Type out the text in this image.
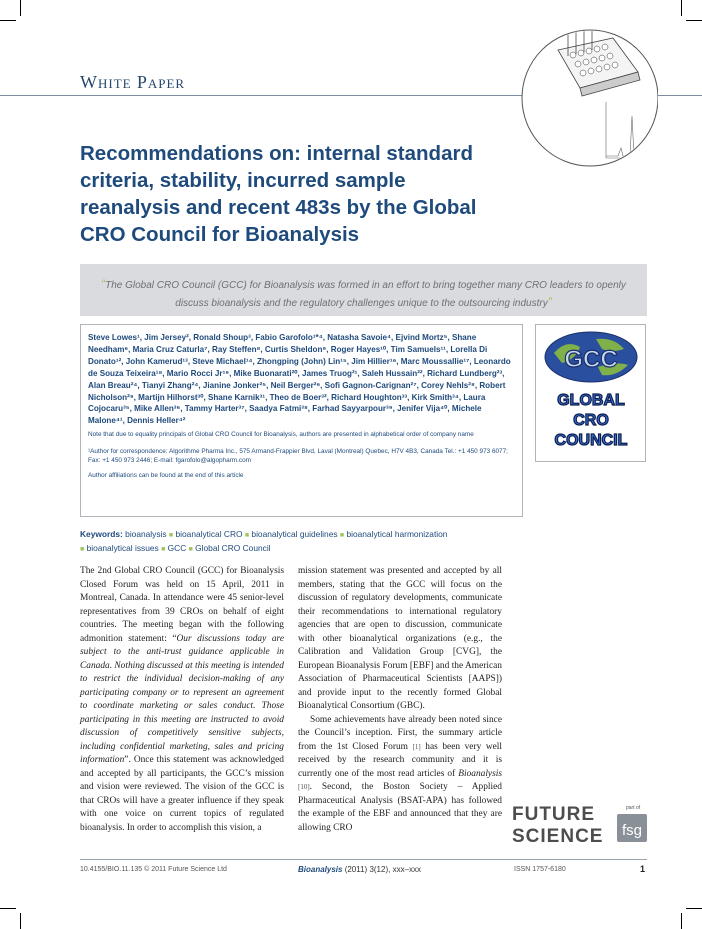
WHITE PAPER
Recommendations on: internal standard criteria, stability, incurred sample reanalysis and recent 483s by the Global CRO Council for Bioanalysis
“The Global CRO Council (GCC) for Bioanalysis was formed in an effort to bring together many CRO leaders to openly discuss bioanalysis and the regulatory challenges unique to the outsourcing industry”
Steve Lowes¹, Jim Jersey², Ronald Shoup³, Fabio Garofolo¹*⁴, Natasha Savoie⁴, Ejvind Mortz⁵, Shane Needham⁶, Maria Cruz Caturla⁷, Ray Steffen⁸, Curtis Sheldon⁹, Roger Hayes¹⁰, Tim Samuels¹¹, Lorella Di Donato¹², John Kamerud¹³, Steve Michael¹⁴, Zhongping (John) Lin¹⁵, Jim Hillier¹⁶, Marc Moussallie¹⁷, Leonardo de Souza Teixeira¹⁸, Mario Rocci Jr¹⁹, Mike Buonarati²⁰, James Truog²¹, Saleh Hussain²², Richard Lundberg²³, Alan Breau²⁴, Tianyi Zhang²⁴, Jianine Jonker²⁵, Neil Berger²⁶, Sofi Gagnon-Carignan²⁷, Corey Nehls²⁸, Robert Nicholson²⁹, Martijn Hilhorst³⁰, Shane Karnik³¹, Theo de Boer³², Richard Houghton³³, Kirk Smith³⁴, Laura Cojocaru³⁵, Mike Allen³⁶, Tammy Harter³⁷, Saadya Fatmi³⁸, Farhad Sayyarpour³⁹, Jenifer Vija⁴⁰, Michele Malone⁴¹, Dennis Heller⁴²
Note that due to equality principals of Global CRO Council for Bioanalysis, authors are presented in alphabetical order of company name
¹Author for correspondence: Algorithme Pharma Inc., 575 Armand-Frappier Blvd, Laval (Montreal) Quebec, H7V 4B3, Canada Tel.: +1 450 973 6077; Fax: +1 450 973 2446; E-mail: fgarofolo@algopharm.com
Author affiliations can be found at the end of this article
GCC
GLOBAL
CRO
COUNCIL
Keywords: bioanalysis ■ bioanalytical CRO ■ bioanalytical guidelines ■ bioanalytical harmonization
■ bioanalytical issues ■ GCC ■ Global CRO Council

The 2nd Global CRO Council (GCC) for Bioanalysis Closed Forum was held on 15 April, 2011 in Montreal, Canada. In attendance were 45 senior-level representatives from 39 CROs on behalf of eight countries. The meeting began with the following admonition statement: “Our discussions today are subject to the anti-trust guidance applicable in Canada. Nothing discussed at this meeting is intended to restrict the individual decision-making of any participating company or to represent an agreement to coordinate marketing or sales conduct. Those participating in this meeting are instructed to avoid discussion of competitively sensitive subjects, including confidential marketing, sales and pricing information”. Once this statement was acknowledged and accepted by all participants, the GCC’s mission and vision were reviewed. The vision of the GCC is that CROs will have a greater influence if they speak with one voice on current topics of regulated bioanalysis. In order to accomplish this vision, a

mission statement was presented and accepted by all members, stating that the GCC will focus on the discussion of regulatory developments, communicate their recommendations to international regulatory agencies that are open to discussion, communicate with other bioanalytical organizations (e.g., the Calibration and Validation Group [CVG], the European Bioanalysis Forum [EBF] and the American Association of Pharmaceutical Scientists [AAPS]) and provide input to the recently formed Global Bioanalytical Consortium (GBC).

Some achievements have already been noted since the Council’s inception. First, the summary article from the 1st Closed Forum [1] has been very well received by the research community and it is currently one of the most read articles of Bioanalysis [10]. Second, the Boston Society – Applied Pharmaceutical Analysis (BSAT-APA) has followed the example of the EBF and announced that they are allowing CRO

FUTURE
SCIENCE
part of
fsg
10.4155/BIO.11.135 © 2011 Future Science Ltd	Bioanalysis (2011) 3(12), xxx–xxx	ISSN 1757-6180	1
